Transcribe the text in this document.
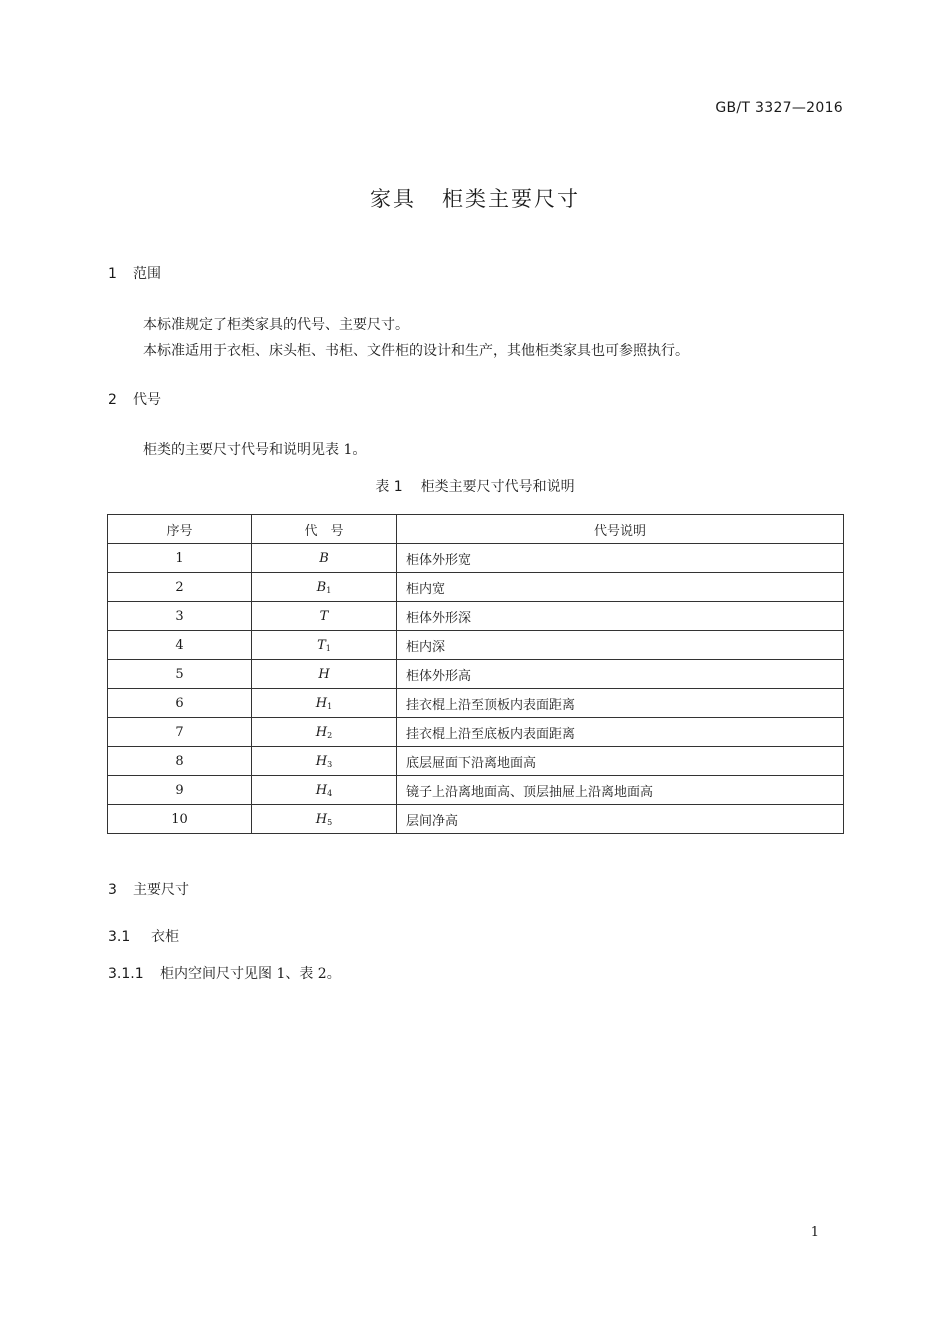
GB/T 3327—2016
家具 柜类主要尺寸
1 范围
本标准规定了柜类家具的代号、主要尺寸。
本标准适用于衣柜、床头柜、书柜、文件柜的设计和生产，其他柜类家具也可参照执行。
2 代号
柜类的主要尺寸代号和说明见表 1。
表 1 柜类主要尺寸代号和说明
序号	代　号	代号说明
1	B	柜体外形宽
2	$B_1$	柜内宽
3	T	柜体外形深
4	$T_1$	柜内深
5	H	柜体外形高
6	$H_1$	挂衣棍上沿至顶板内表面距离
7	$H_2$	挂衣棍上沿至底板内表面距离
8	$H_3$	底层屉面下沿离地面高
9	$H_4$	镜子上沿离地面高、顶层抽屉上沿离地面高
10	$H_5$	层间净高
3 主要尺寸
3.1 衣柜
3.1.1 柜内空间尺寸见图 1、表 2。
1
